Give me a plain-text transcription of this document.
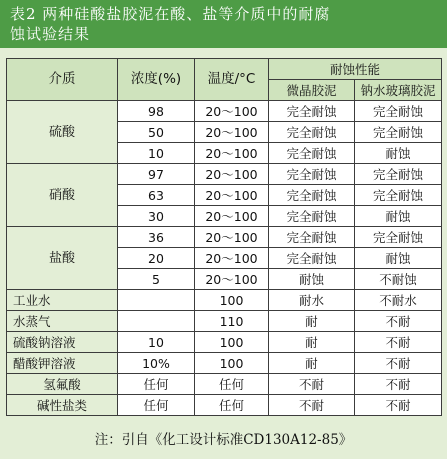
表2 两种硅酸盐胶泥在酸、盐等介质中的耐腐
蚀试验结果
介质	浓度(%)	温度/°C	耐蚀性能	
			微晶胶泥	钠水玻璃胶泥
硫酸	98	20～100	完全耐蚀	完全耐蚀
	50	20～100	完全耐蚀	完全耐蚀
	10	20～100	完全耐蚀	耐蚀
硝酸	97	20～100	完全耐蚀	完全耐蚀
	63	20～100	完全耐蚀	完全耐蚀
	30	20～100	完全耐蚀	耐蚀
盐酸	36	20～100	完全耐蚀	完全耐蚀
	20	20～100	完全耐蚀	耐蚀
	5	20～100	耐蚀	不耐蚀
工业水		100	耐水	不耐水
水蒸气		110	耐	不耐
硫酸钠溶液	10	100	耐	不耐
醋酸钾溶液	10%	100	耐	不耐
氢氟酸	任何	任何	不耐	不耐
碱性盐类	任何	任何	不耐	不耐
注：引自《化工设计标准CD130A12-85》
